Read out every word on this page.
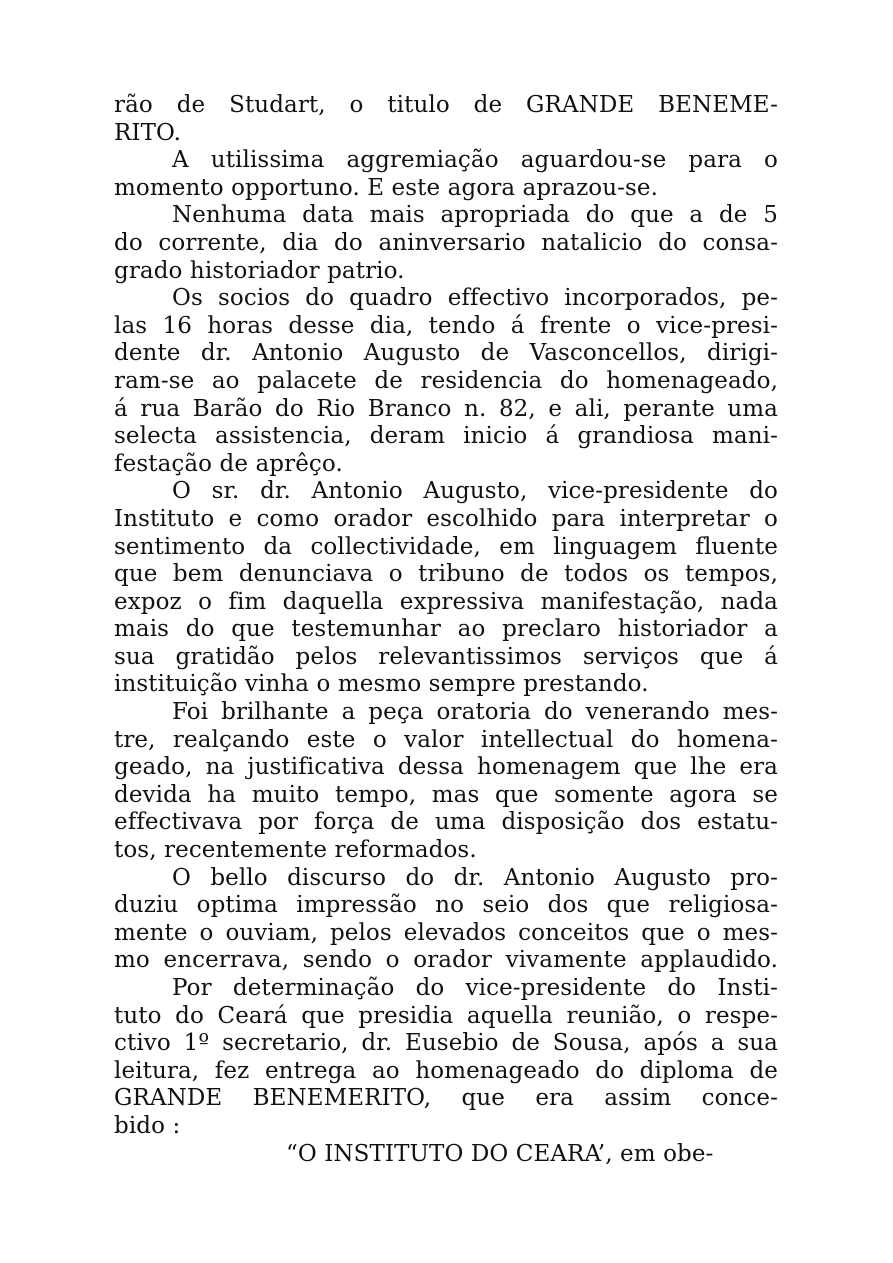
rão de Studart, o titulo de GRANDE BENEME-
RITO.
A utilissima aggremiação aguardou-se para o
momento opportuno. E este agora aprazou-se.
Nenhuma data mais apropriada do que a de 5
do corrente, dia do aninversario natalicio do consa-
grado historiador patrio.
Os socios do quadro effectivo incorporados, pe-
las 16 horas desse dia, tendo á frente o vice-presi-
dente dr. Antonio Augusto de Vasconcellos, dirigi-
ram-se ao palacete de residencia do homenageado,
á rua Barão do Rio Branco n. 82, e ali, perante uma
selecta assistencia, deram inicio á grandiosa mani-
festação de aprêço.
O sr. dr. Antonio Augusto, vice-presidente do
Instituto e como orador escolhido para interpretar o
sentimento da collectividade, em linguagem fluente
que bem denunciava o tribuno de todos os tempos,
expoz o fim daquella expressiva manifestação, nada
mais do que testemunhar ao preclaro historiador a
sua gratidão pelos relevantissimos serviços que á
instituição vinha o mesmo sempre prestando.
Foi brilhante a peça oratoria do venerando mes-
tre, realçando este o valor intellectual do homena-
geado, na justificativa dessa homenagem que lhe era
devida ha muito tempo, mas que somente agora se
effectivava por força de uma disposição dos estatu-
tos, recentemente reformados.
O bello discurso do dr. Antonio Augusto pro-
duziu optima impressão no seio dos que religiosa-
mente o ouviam, pelos elevados conceitos que o mes-
mo encerrava, sendo o orador vivamente applaudido.
Por determinação do vice-presidente do Insti-
tuto do Ceará que presidia aquella reunião, o respe-
ctivo 1º secretario, dr. Eusebio de Sousa, após a sua
leitura, fez entrega ao homenageado do diploma de
GRANDE BENEMERITO, que era assim conce-
bido :
“O INSTITUTO DO CEARA’, em obe-
